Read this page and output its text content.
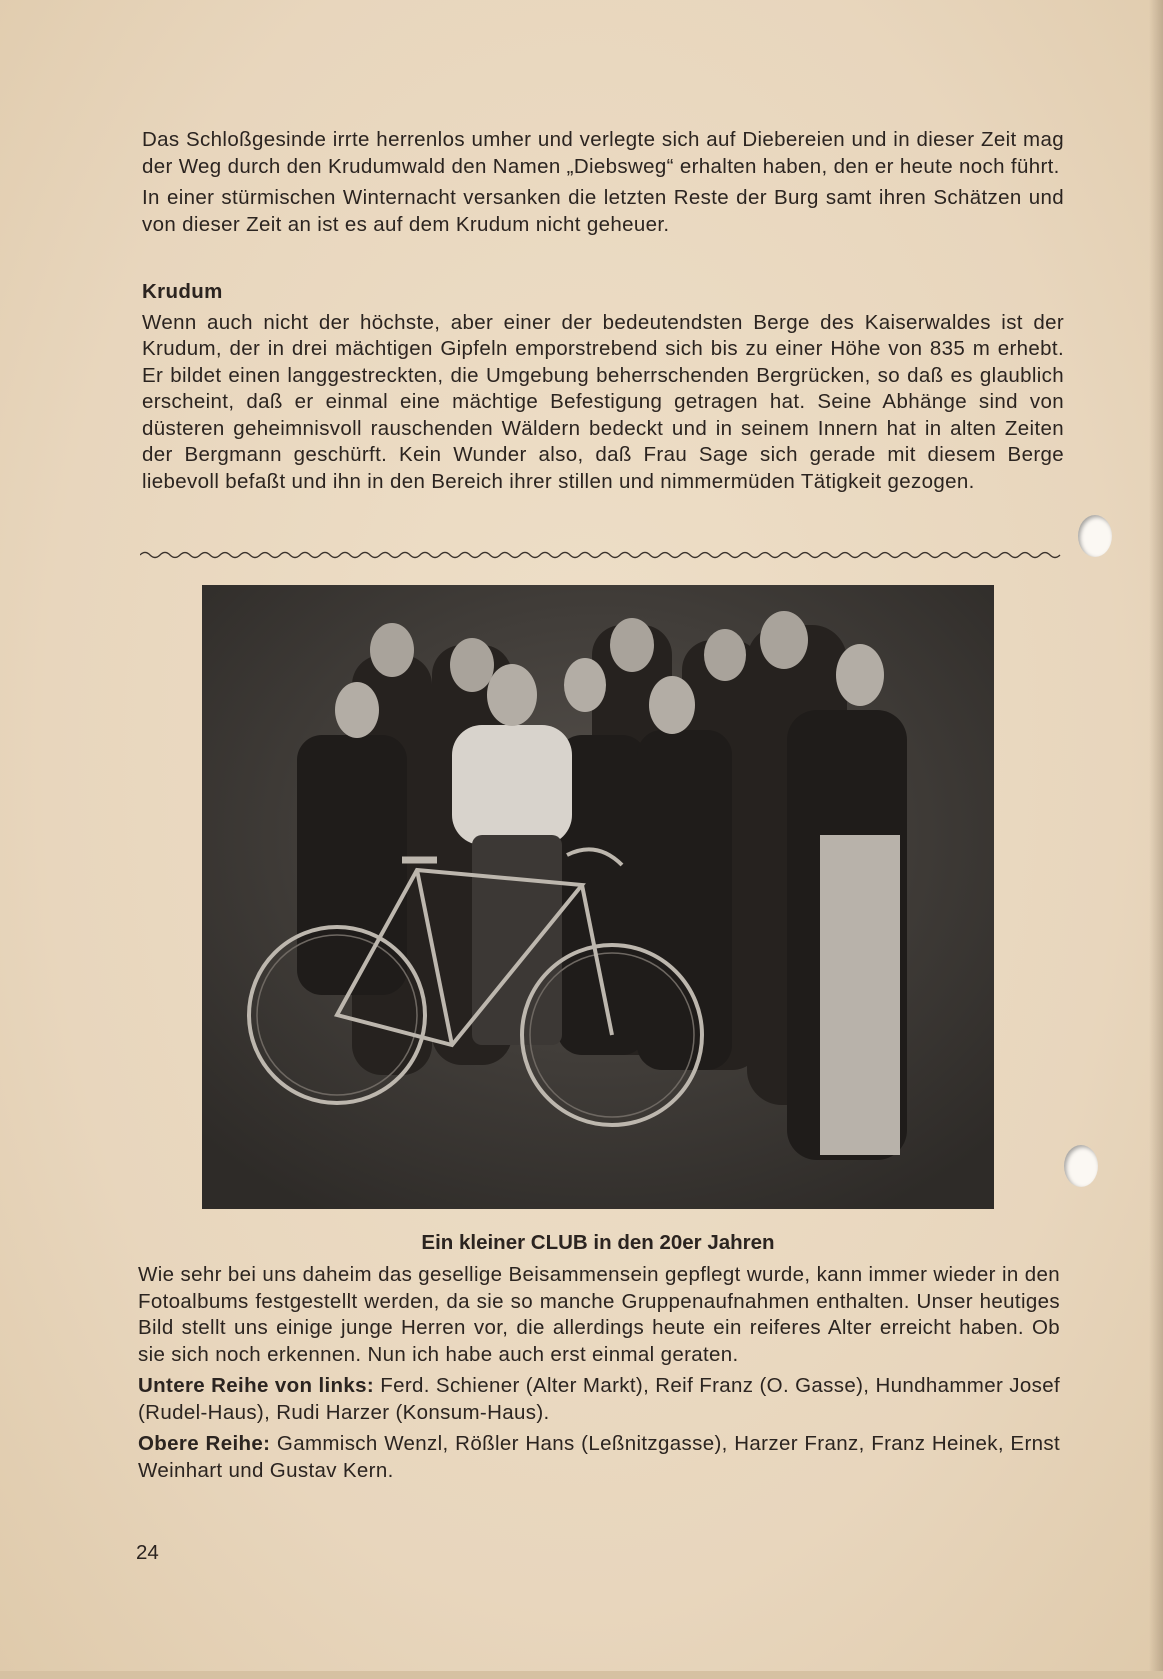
Das Schloßgesinde irrte herrenlos umher und verlegte sich auf Diebereien und in dieser Zeit mag der Weg durch den Krudumwald den Namen „Diebsweg“ erhalten haben, den er heute noch führt.

In einer stürmischen Winternacht versanken die letzten Reste der Burg samt ihren Schätzen und von dieser Zeit an ist es auf dem Krudum nicht geheuer.

Krudum

Wenn auch nicht der höchste, aber einer der bedeutendsten Berge des Kaiserwaldes ist der Krudum, der in drei mächtigen Gipfeln emporstrebend sich bis zu einer Höhe von 835 m erhebt. Er bildet einen langgestreckten, die Umgebung beherrschenden Bergrücken, so daß es glaublich erscheint, daß er einmal eine mächtige Befestigung getragen hat. Seine Abhänge sind von düsteren geheimnisvoll rauschenden Wäldern bedeckt und in seinem Innern hat in alten Zeiten der Bergmann geschürft. Kein Wunder also, daß Frau Sage sich gerade mit diesem Berge liebevoll befaßt und ihn in den Bereich ihrer stillen und nimmermüden Tätigkeit gezogen.

Ein kleiner CLUB in den 20er Jahren

Wie sehr bei uns daheim das gesellige Beisammensein gepflegt wurde, kann immer wieder in den Fotoalbums festgestellt werden, da sie so manche Gruppenaufnahmen enthalten. Unser heutiges Bild stellt uns einige junge Herren vor, die allerdings heute ein reiferes Alter erreicht haben. Ob sie sich noch erkennen. Nun ich habe auch erst einmal geraten.

Untere Reihe von links: Ferd. Schiener (Alter Markt), Reif Franz (O. Gasse), Hundhammer Josef (Rudel-Haus), Rudi Harzer (Konsum-Haus).

Obere Reihe: Gammisch Wenzl, Rößler Hans (Leßnitzgasse), Harzer Franz, Franz Heinek, Ernst Weinhart und Gustav Kern.

24
